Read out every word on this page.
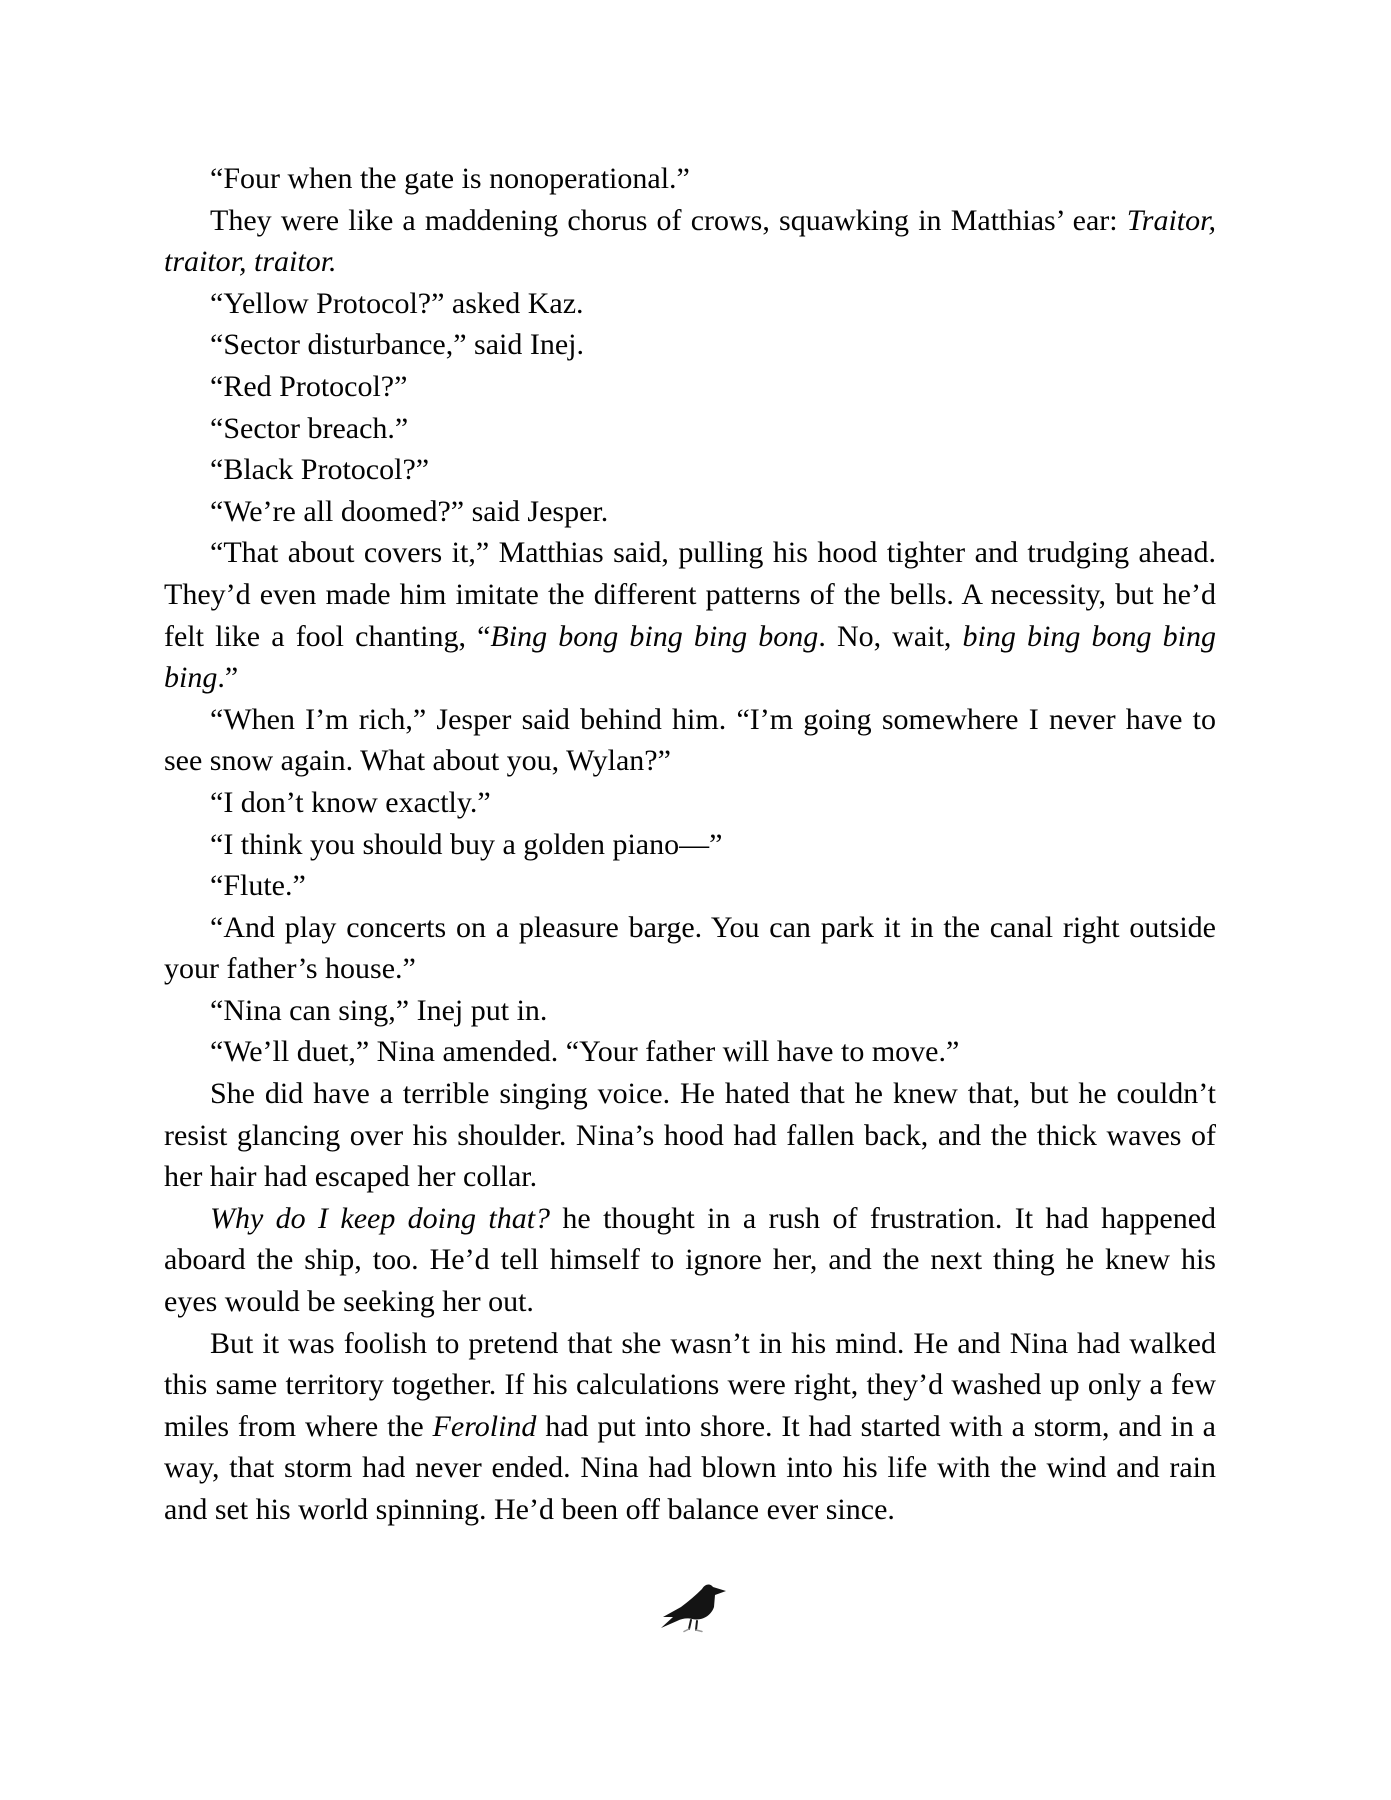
“Four when the gate is nonoperational.”

They were like a maddening chorus of crows, squawking in Matthias’ ear: Traitor, traitor, traitor.

“Yellow Protocol?” asked Kaz.

“Sector disturbance,” said Inej.

“Red Protocol?”

“Sector breach.”

“Black Protocol?”

“We’re all doomed?” said Jesper.

“That about covers it,” Matthias said, pulling his hood tighter and trudging ahead. They’d even made him imitate the different patterns of the bells. A necessity, but he’d felt like a fool chanting, “Bing bong bing bing bong. No, wait, bing bing bong bing bing.”

“When I’m rich,” Jesper said behind him. “I’m going somewhere I never have to see snow again. What about you, Wylan?”

“I don’t know exactly.”

“I think you should buy a golden piano—”

“Flute.”

“And play concerts on a pleasure barge. You can park it in the canal right outside your father’s house.”

“Nina can sing,” Inej put in.

“We’ll duet,” Nina amended. “Your father will have to move.”

She did have a terrible singing voice. He hated that he knew that, but he couldn’t resist glancing over his shoulder. Nina’s hood had fallen back, and the thick waves of her hair had escaped her collar.

Why do I keep doing that? he thought in a rush of frustration. It had happened aboard the ship, too. He’d tell himself to ignore her, and the next thing he knew his eyes would be seeking her out.

But it was foolish to pretend that she wasn’t in his mind. He and Nina had walked this same territory together. If his calculations were right, they’d washed up only a few miles from where the Ferolind had put into shore. It had started with a storm, and in a way, that storm had never ended. Nina had blown into his life with the wind and rain and set his world spinning. He’d been off balance ever since.
